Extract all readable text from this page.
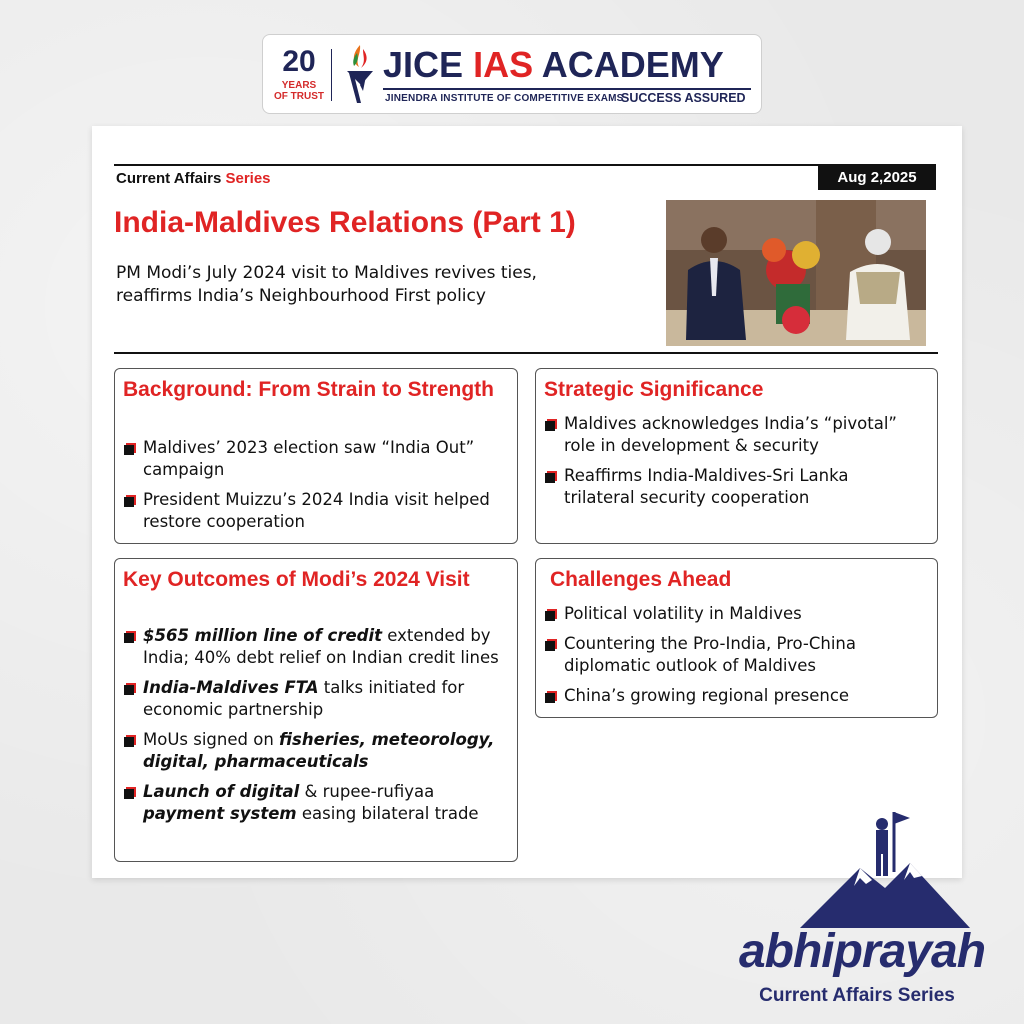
20
YEARS
OF TRUST
JICE IAS ACADEMY
JINENDRA INSTITUTE OF COMPETITIVE EXAMS
SUCCESS ASSURED
Current Affairs Series	Aug 2,2025
India-Maldives Relations (Part 1)
PM Modi’s July 2024 visit to Maldives revives ties, reaffirms India’s Neighbourhood First policy
Background: From Strain to Strength
Maldives’ 2023 election saw “India Out” campaign
President Muizzu’s 2024 India visit helped restore cooperation
Strategic Significance
Maldives acknowledges India’s “pivotal” role in development & security
Reaffirms India-Maldives-Sri Lanka trilateral security cooperation
Key Outcomes of Modi’s 2024 Visit
$565 million line of credit extended by India; 40% debt relief on Indian credit lines
India-Maldives FTA talks initiated for economic partnership
MoUs signed on fisheries, meteorology, digital, pharmaceuticals
Launch of digital & rupee-rufiyaa payment system easing bilateral trade
Challenges Ahead
Political volatility in Maldives
Countering the Pro-India, Pro-China diplomatic outlook of Maldives
China’s growing regional presence
abhiprayah
Current Affairs Series
